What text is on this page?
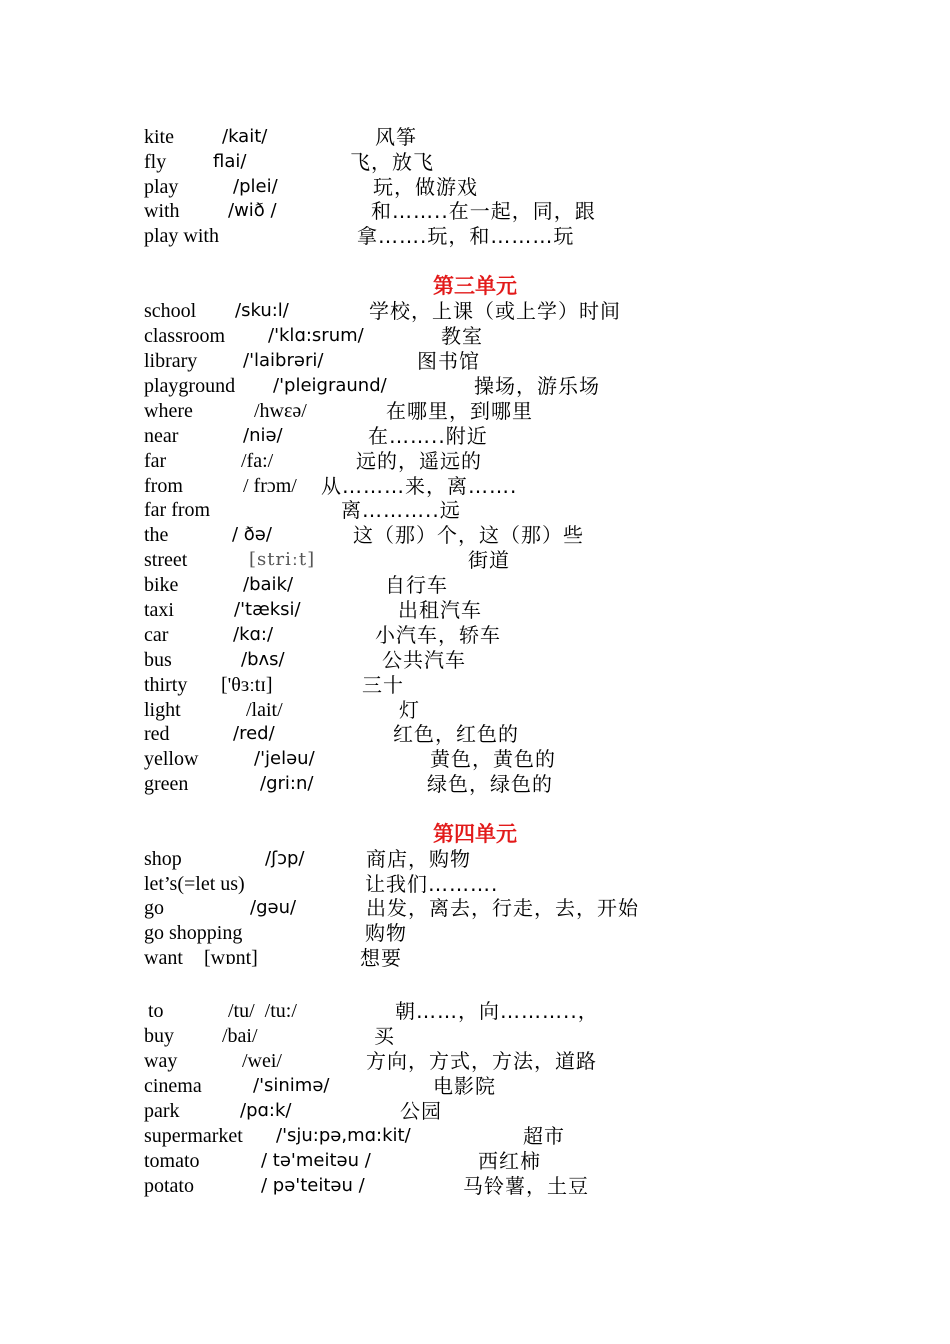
kite	/kait/	风筝
fly	flai/	飞，放飞
play	/plei/	玩，做游戏
with	/wið /	和……..在一起，同，跟
play with	拿…….玩，和………玩
第三单元
school /sku:l/	学校，上课（或上学）时间
classroom /'klɑ:srum/	教室
library	/'laibrəri/	图书馆
playground /'pleigraund/	操场，游乐场
where	/hwɛə/	在哪里，到哪里
near	/niə/	在……..附近
far	/fa:/	远的，遥远的
from	/ frɔm/ 从………来，离…….
far from	离………..远
the	/ ðə/	这（那）个，这（那）些
street	[striːt]	街道
bike	/baik/	自行车
taxi	/'tæksi/	出租汽车
car	/kɑ:/	小汽车，轿车
bus	/bʌs/	公共汽车
thirty ['θɜːtɪ]	三十
light	/lait/	灯
red	/red/	红色，红色的
yellow	/'jeləu/	黄色，黄色的
green	/gri:n/	绿色，绿色的
第四单元
shop	/ʃɔp/	商店，购物
let’s(=let us)	让我们……….
go	/gəu/	出发，离去，行走，去，开始
go shopping	购物
want [wɒnt]	想要
to	/tu/  /tu:/	朝……，向………..，
buy /bai/	买
way	/wei/	方向，方式，方法，道路
cinema	/'sinimə/	电影院
park	/pɑ:k/	公园
supermarket /'sju:pə,mɑ:kit/	超市
tomato	/ tə'meitəu /	西红柿
potato	/ pə'teitəu /	马铃薯，土豆
